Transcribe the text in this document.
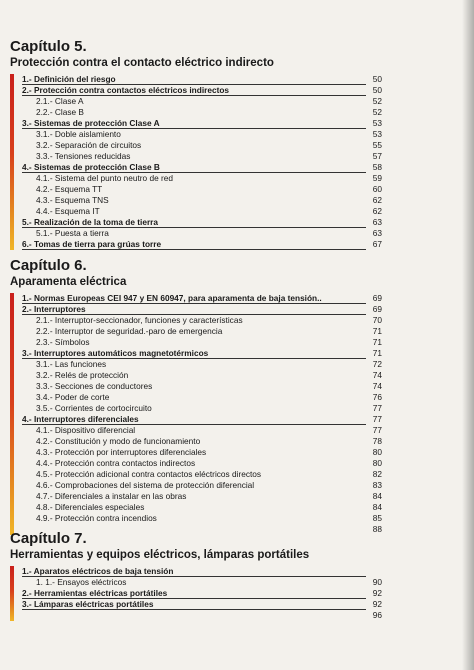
Capítulo 5.
Protección contra el contacto eléctrico indirecto
1.- Definición del riesgo	50
2.- Protección contra contactos eléctricos indirectos	50
2.1.- Clase A	52
2.2.- Clase B	52
3.- Sistemas de protección Clase A	53
3.1.- Doble aislamiento	53
3.2.- Separación de circuitos	55
3.3.- Tensiones reducidas	57
4.- Sistemas de protección Clase B	58
4.1.- Sistema del punto neutro de red	59
4.2.- Esquema TT	60
4.3.- Esquema TNS	62
4.4.- Esquema IT	62
5.- Realización de la toma de tierra	63
5.1.- Puesta a tierra	63
6.- Tomas de tierra para grúas torre	67
Capítulo 6.
Aparamenta eléctrica
1.- Normas Europeas CEI 947 y EN 60947, para aparamenta de baja tensión..	69
2.- Interruptores	69
2.1.- Interruptor-seccionador, funciones y características	70
2.2.- Interruptor de seguridad.-paro de emergencia	71
2.3.- Símbolos	71
3.- Interruptores automáticos magnetotérmicos	71
3.1.- Las funciones	72
3.2.- Relés de protección	74
3.3.- Secciones de conductores	74
3.4.- Poder de corte	76
3.5.- Corrientes de cortocircuito	77
4.- Interruptores diferenciales	77
4.1.- Dispositivo diferencial	77
4.2.- Constitución y modo de funcionamiento	78
4.3.- Protección por interruptores diferenciales	80
4.4.- Protección contra contactos indirectos	80
4.5.- Protección adicional contra contactos eléctricos directos	82
4.6.- Comprobaciones del sistema de protección diferencial	83
4.7.- Diferenciales a instalar en las obras	84
4.8.- Diferenciales especiales	84
4.9.- Protección contra incendios	85
88
Capítulo 7.
Herramientas y equipos eléctricos, lámparas portátiles
1.- Aparatos eléctricos de baja tensión
1. 1.- Ensayos eléctricos	90
2.- Herramientas eléctricas portátiles	92
3.- Lámparas eléctricas portátiles	92
96
